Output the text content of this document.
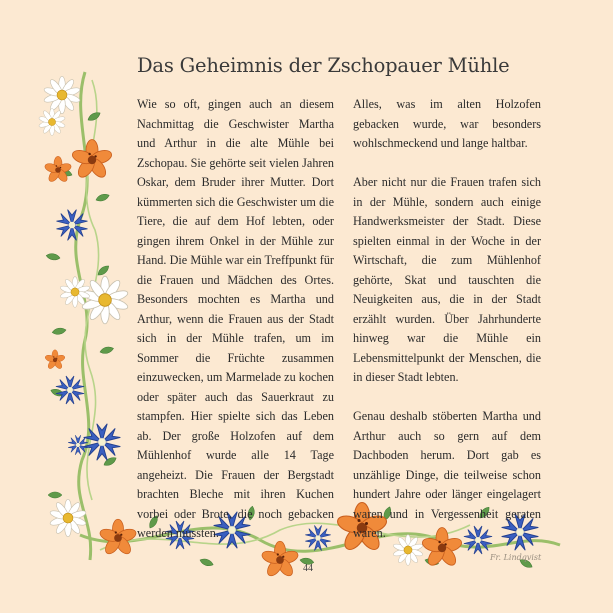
Das Geheimnis der Zschopauer Mühle

Wie so oft, gingen auch an diesem Nachmittag die Geschwister Martha und Arthur in die alte Mühle bei Zschopau. Sie gehörte seit vielen Jahren Oskar, dem Bruder ihrer Mutter. Dort kümmerten sich die Geschwister um die Tiere, die auf dem Hof lebten, oder gingen ihrem Onkel in der Mühle zur Hand. Die Mühle war ein Treffpunkt für die Frauen und Mädchen des Ortes. Besonders mochten es Martha und Arthur, wenn die Frauen aus der Stadt sich in der Mühle trafen, um im Sommer die Früchte zusammen einzuwecken, um Marmelade zu kochen oder später auch das Sauerkraut zu stampfen. Hier spielte sich das Leben ab. Der große Holzofen auf dem Mühlenhof wurde alle 14 Tage angeheizt. Die Frauen der Bergstadt brachten Bleche mit ihren Kuchen vorbei oder Brote, die noch gebacken werden mussten.

Alles, was im alten Holzofen gebacken wurde, war besonders wohlschmeckend und lange haltbar.

Aber nicht nur die Frauen trafen sich in der Mühle, sondern auch einige Handwerksmeister der Stadt. Diese spielten einmal in der Woche in der Wirtschaft, die zum Mühlenhof gehörte, Skat und tauschten die Neuigkeiten aus, die in der Stadt erzählt wurden. Über Jahrhunderte hinweg war die Mühle ein Lebensmittelpunkt der Menschen, die in dieser Stadt lebten.

Genau deshalb stöberten Martha und Arthur auch so gern auf dem Dachboden herum. Dort gab es unzählige Dinge, die teilweise schon hundert Jahre oder länger eingelagert waren und in Vergessenheit geraten waren.

44
Fr. Lindqvist
